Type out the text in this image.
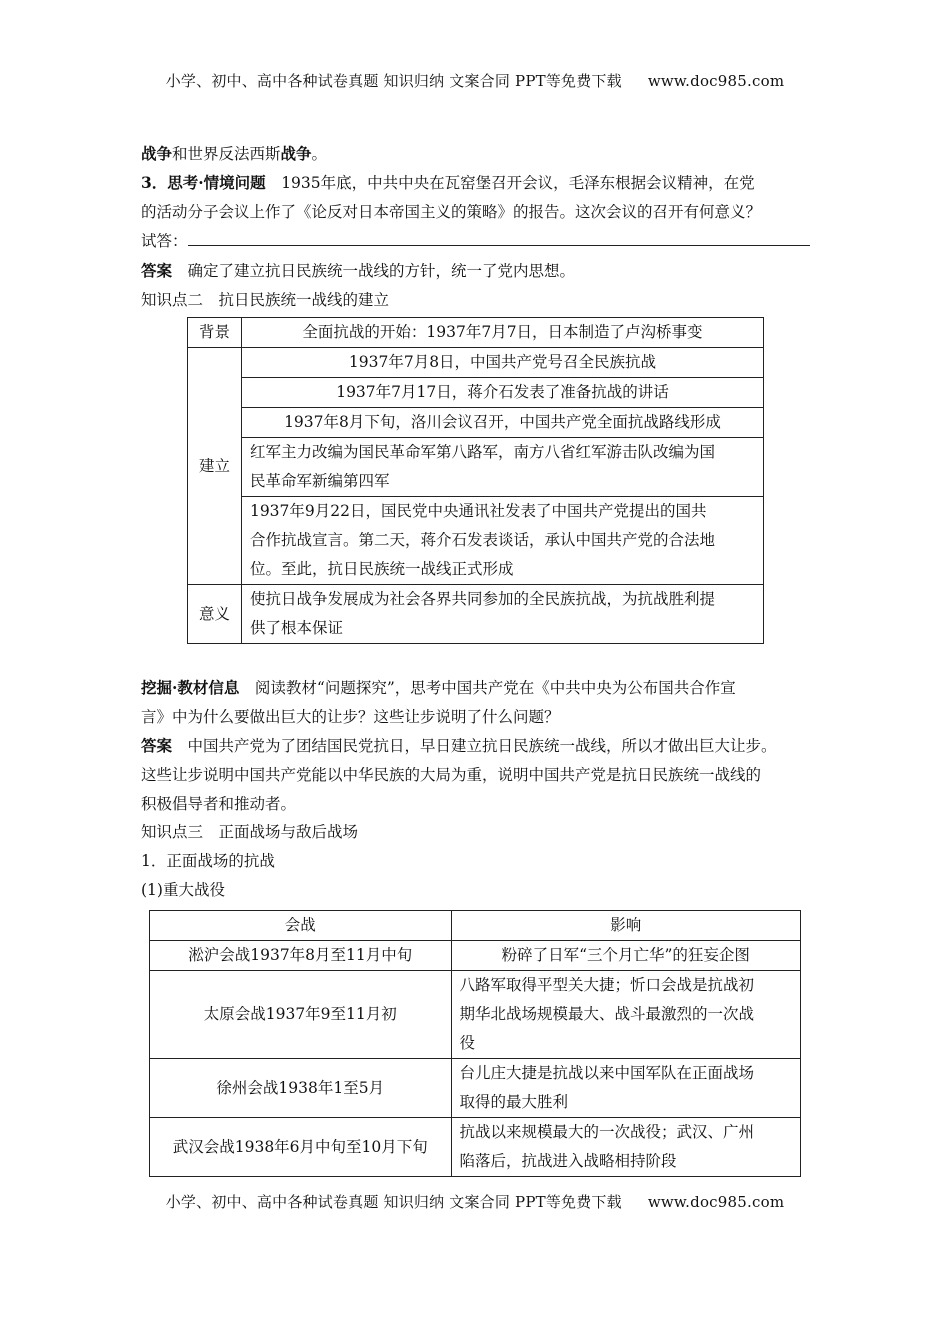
小学、初中、高中各种试卷真题 知识归纳 文案合同 PPT等免费下载 www.doc985.com
战争和世界反法西斯战争。
3．思考·情境问题  1935年底，中共中央在瓦窑堡召开会议，毛泽东根据会议精神，在党
的活动分子会议上作了《论反对日本帝国主义的策略》的报告。这次会议的召开有何意义？
试答：
答案  确定了建立抗日民族统一战线的方针，统一了党内思想。
知识点二　抗日民族统一战线的建立
背景	全面抗战的开始：1937年7月7日，日本制造了卢沟桥事变
建立	1937年7月8日，中国共产党号召全民族抗战
	1937年7月17日，蒋介石发表了准备抗战的讲话
	1937年8月下旬，洛川会议召开，中国共产党全面抗战路线形成

	红军主力改编为国民革命军第八路军，南方八省红军游击队改编为国
民革命军新编第四军

	1937年9月22日，国民党中央通讯社发表了中国共产党提出的国共
合作抗战宣言。第二天，蒋介石发表谈话，承认中国共产党的合法地
位。至此，抗日民族统一战线正式形成

意义	使抗日战争发展成为社会各界共同参加的全民族抗战，为抗战胜利提
供了根本保证
挖掘·教材信息  阅读教材“问题探究”，思考中国共产党在《中共中央为公布国共合作宣
言》中为什么要做出巨大的让步？这些让步说明了什么问题？
答案  中国共产党为了团结国民党抗日，早日建立抗日民族统一战线，所以才做出巨大让步。
这些让步说明中国共产党能以中华民族的大局为重，说明中国共产党是抗日民族统一战线的
积极倡导者和推动者。
知识点三　正面战场与敌后战场
1．正面战场的抗战
(1)重大战役
会战	影响
淞沪会战1937年8月至11月中旬	粉碎了日军“三个月亡华”的狂妄企图
太原会战1937年9至11月初	八路军取得平型关大捷；忻口会战是抗战初
期华北战场规模最大、战斗最激烈的一次战
役

徐州会战1938年1至5月	台儿庄大捷是抗战以来中国军队在正面战场
取得的最大胜利

武汉会战1938年6月中旬至10月下旬	抗战以来规模最大的一次战役；武汉、广州
陷落后，抗战进入战略相持阶段
小学、初中、高中各种试卷真题 知识归纳 文案合同 PPT等免费下载 www.doc985.com
